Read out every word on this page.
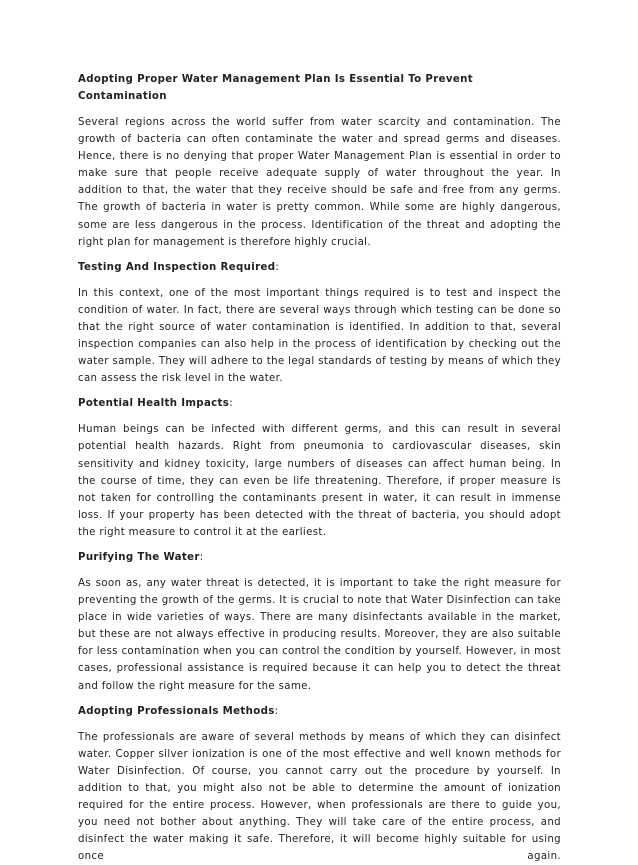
Adopting Proper Water Management Plan Is Essential To Prevent Contamination

Several regions across the world suffer from water scarcity and contamination. The growth of bacteria can often contaminate the water and spread germs and diseases. Hence, there is no denying that proper Water Management Plan is essential in order to make sure that people receive adequate supply of water throughout the year. In addition to that, the water that they receive should be safe and free from any germs. The growth of bacteria in water is pretty common. While some are highly dangerous, some are less dangerous in the process. Identification of the threat and adopting the right plan for management is therefore highly crucial.

Testing And Inspection Required:

In this context, one of the most important things required is to test and inspect the condition of water. In fact, there are several ways through which testing can be done so that the right source of water contamination is identified. In addition to that, several inspection companies can also help in the process of identification by checking out the water sample. They will adhere to the legal standards of testing by means of which they can assess the risk level in the water.

Potential Health Impacts:

Human beings can be infected with different germs, and this can result in several potential health hazards. Right from pneumonia to cardiovascular diseases, skin sensitivity and kidney toxicity, large numbers of diseases can affect human being. In the course of time, they can even be life threatening. Therefore, if proper measure is not taken for controlling the contaminants present in water, it can result in immense loss. If your property has been detected with the threat of bacteria, you should adopt the right measure to control it at the earliest.

Purifying The Water:

As soon as, any water threat is detected, it is important to take the right measure for preventing the growth of the germs. It is crucial to note that Water Disinfection can take place in wide varieties of ways. There are many disinfectants available in the market, but these are not always effective in producing results. Moreover, they are also suitable for less contamination when you can control the condition by yourself. However, in most cases, professional assistance is required because it can help you to detect the threat and follow the right measure for the same.

Adopting Professionals Methods:

The professionals are aware of several methods by means of which they can disinfect water. Copper silver ionization is one of the most effective and well known methods for Water Disinfection. Of course, you cannot carry out the procedure by yourself. In addition to that, you might also not be able to determine the amount of ionization required for the entire process. However, when professionals are there to guide you, you need not bother about anything. They will take care of the entire process, and disinfect the water making it safe. Therefore, it will become highly suitable for using once again.
